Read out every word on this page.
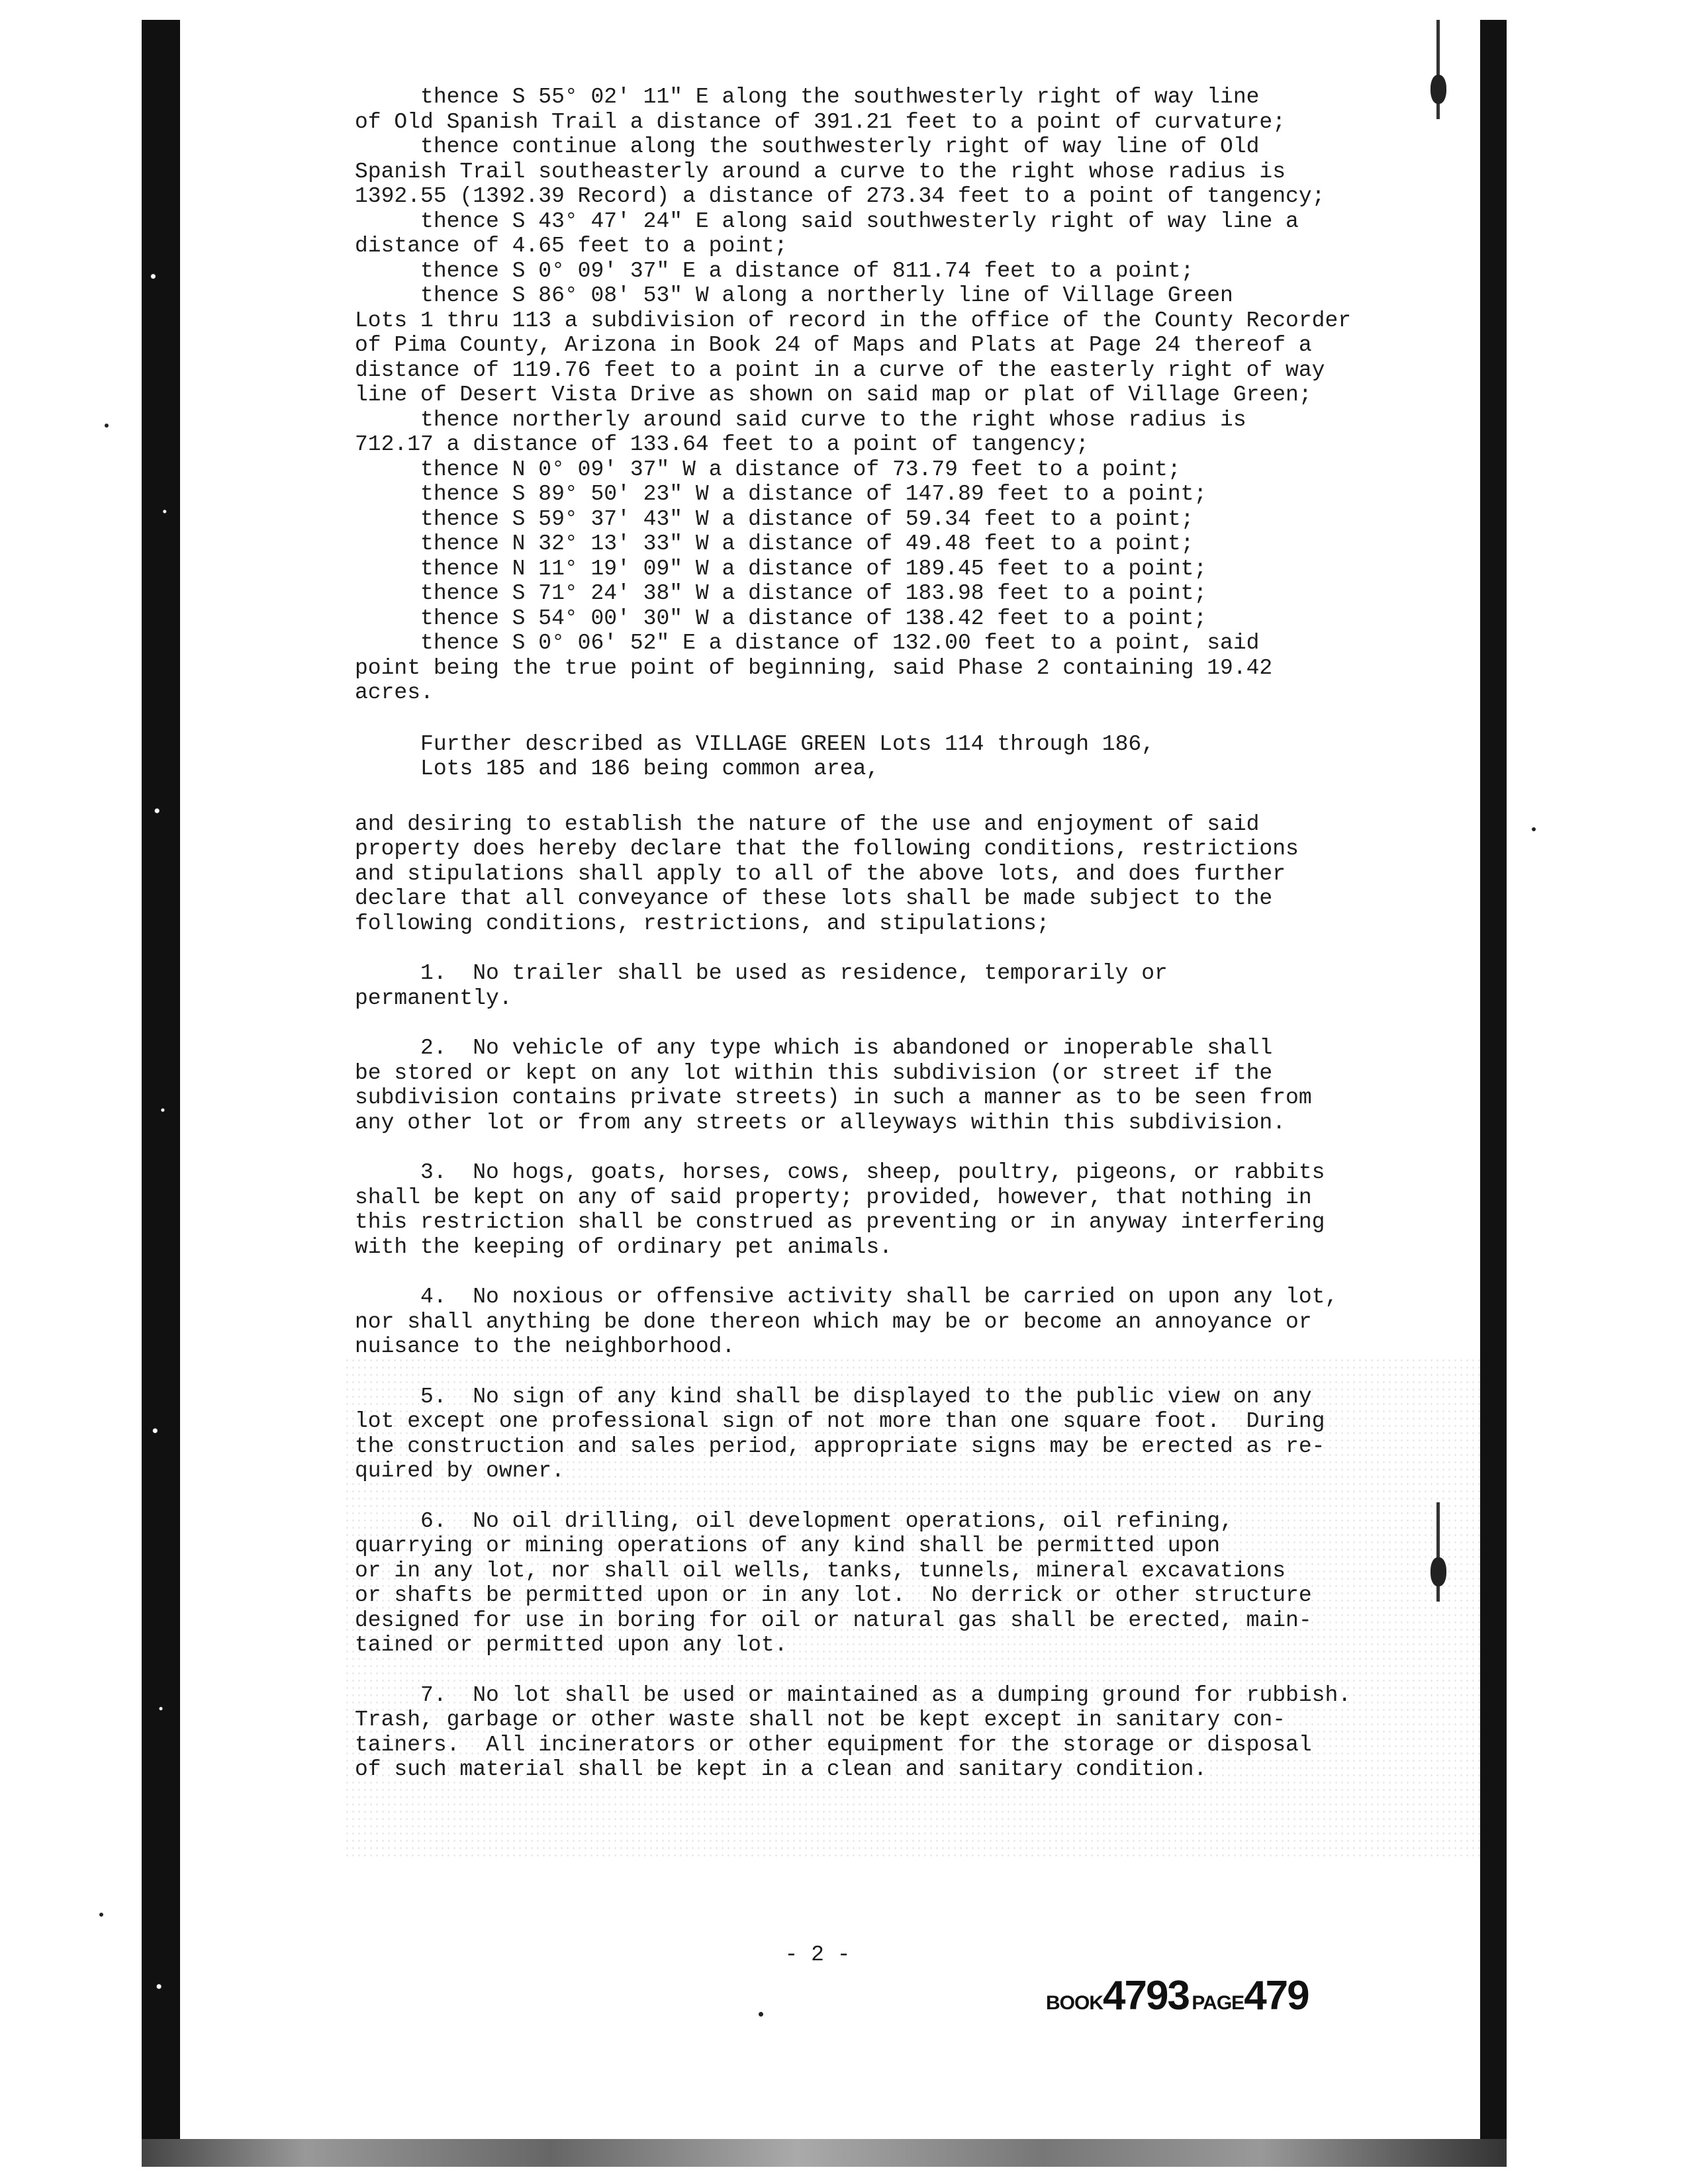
thence S 55° 02' 11" E along the southwesterly right of way line

of Old Spanish Trail a distance of 391.21 feet to a point of curvature;

thence continue along the southwesterly right of way line of Old

Spanish Trail southeasterly around a curve to the right whose radius is

1392.55 (1392.39 Record) a distance of 273.34 feet to a point of tangency;

thence S 43° 47' 24" E along said southwesterly right of way line a

distance of 4.65 feet to a point;

thence S 0° 09' 37" E a distance of 811.74 feet to a point;

thence S 86° 08' 53" W along a northerly line of Village Green

Lots 1 thru 113 a subdivision of record in the office of the County Recorder

of Pima County, Arizona in Book 24 of Maps and Plats at Page 24 thereof a

distance of 119.76 feet to a point in a curve of the easterly right of way

line of Desert Vista Drive as shown on said map or plat of Village Green;

thence northerly around said curve to the right whose radius is

712.17 a distance of 133.64 feet to a point of tangency;

thence N 0° 09' 37" W a distance of 73.79 feet to a point;

thence S 89° 50' 23" W a distance of 147.89 feet to a point;

thence S 59° 37' 43" W a distance of 59.34 feet to a point;

thence N 32° 13' 33" W a distance of 49.48 feet to a point;

thence N 11° 19' 09" W a distance of 189.45 feet to a point;

thence S 71° 24' 38" W a distance of 183.98 feet to a point;

thence S 54° 00' 30" W a distance of 138.42 feet to a point;

thence S 0° 06' 52" E a distance of 132.00 feet to a point, said

point being the true point of beginning, said Phase 2 containing 19.42

acres.

Further described as VILLAGE GREEN Lots 114 through 186,

Lots 185 and 186 being common area,

and desiring to establish the nature of the use and enjoyment of said

property does hereby declare that the following conditions, restrictions

and stipulations shall apply to all of the above lots, and does further

declare that all conveyance of these lots shall be made subject to the

following conditions, restrictions, and stipulations;

1.  No trailer shall be used as residence, temporarily or

permanently.

2.  No vehicle of any type which is abandoned or inoperable shall

be stored or kept on any lot within this subdivision (or street if the

subdivision contains private streets) in such a manner as to be seen from

any other lot or from any streets or alleyways within this subdivision.

3.  No hogs, goats, horses, cows, sheep, poultry, pigeons, or rabbits

shall be kept on any of said property; provided, however, that nothing in

this restriction shall be construed as preventing or in anyway interfering

with the keeping of ordinary pet animals.

4.  No noxious or offensive activity shall be carried on upon any lot,

nor shall anything be done thereon which may be or become an annoyance or

nuisance to the neighborhood.

5.  No sign of any kind shall be displayed to the public view on any

lot except one professional sign of not more than one square foot.  During

the construction and sales period, appropriate signs may be erected as re-

quired by owner.

6.  No oil drilling, oil development operations, oil refining,

quarrying or mining operations of any kind shall be permitted upon

or in any lot, nor shall oil wells, tanks, tunnels, mineral excavations

or shafts be permitted upon or in any lot.  No derrick or other structure

designed for use in boring for oil or natural gas shall be erected, main-

tained or permitted upon any lot.

7.  No lot shall be used or maintained as a dumping ground for rubbish.

Trash, garbage or other waste shall not be kept except in sanitary con-

tainers.  All incinerators or other equipment for the storage or disposal

of such material shall be kept in a clean and sanitary condition.

- 2 -
BOOK4793 PAGE479
